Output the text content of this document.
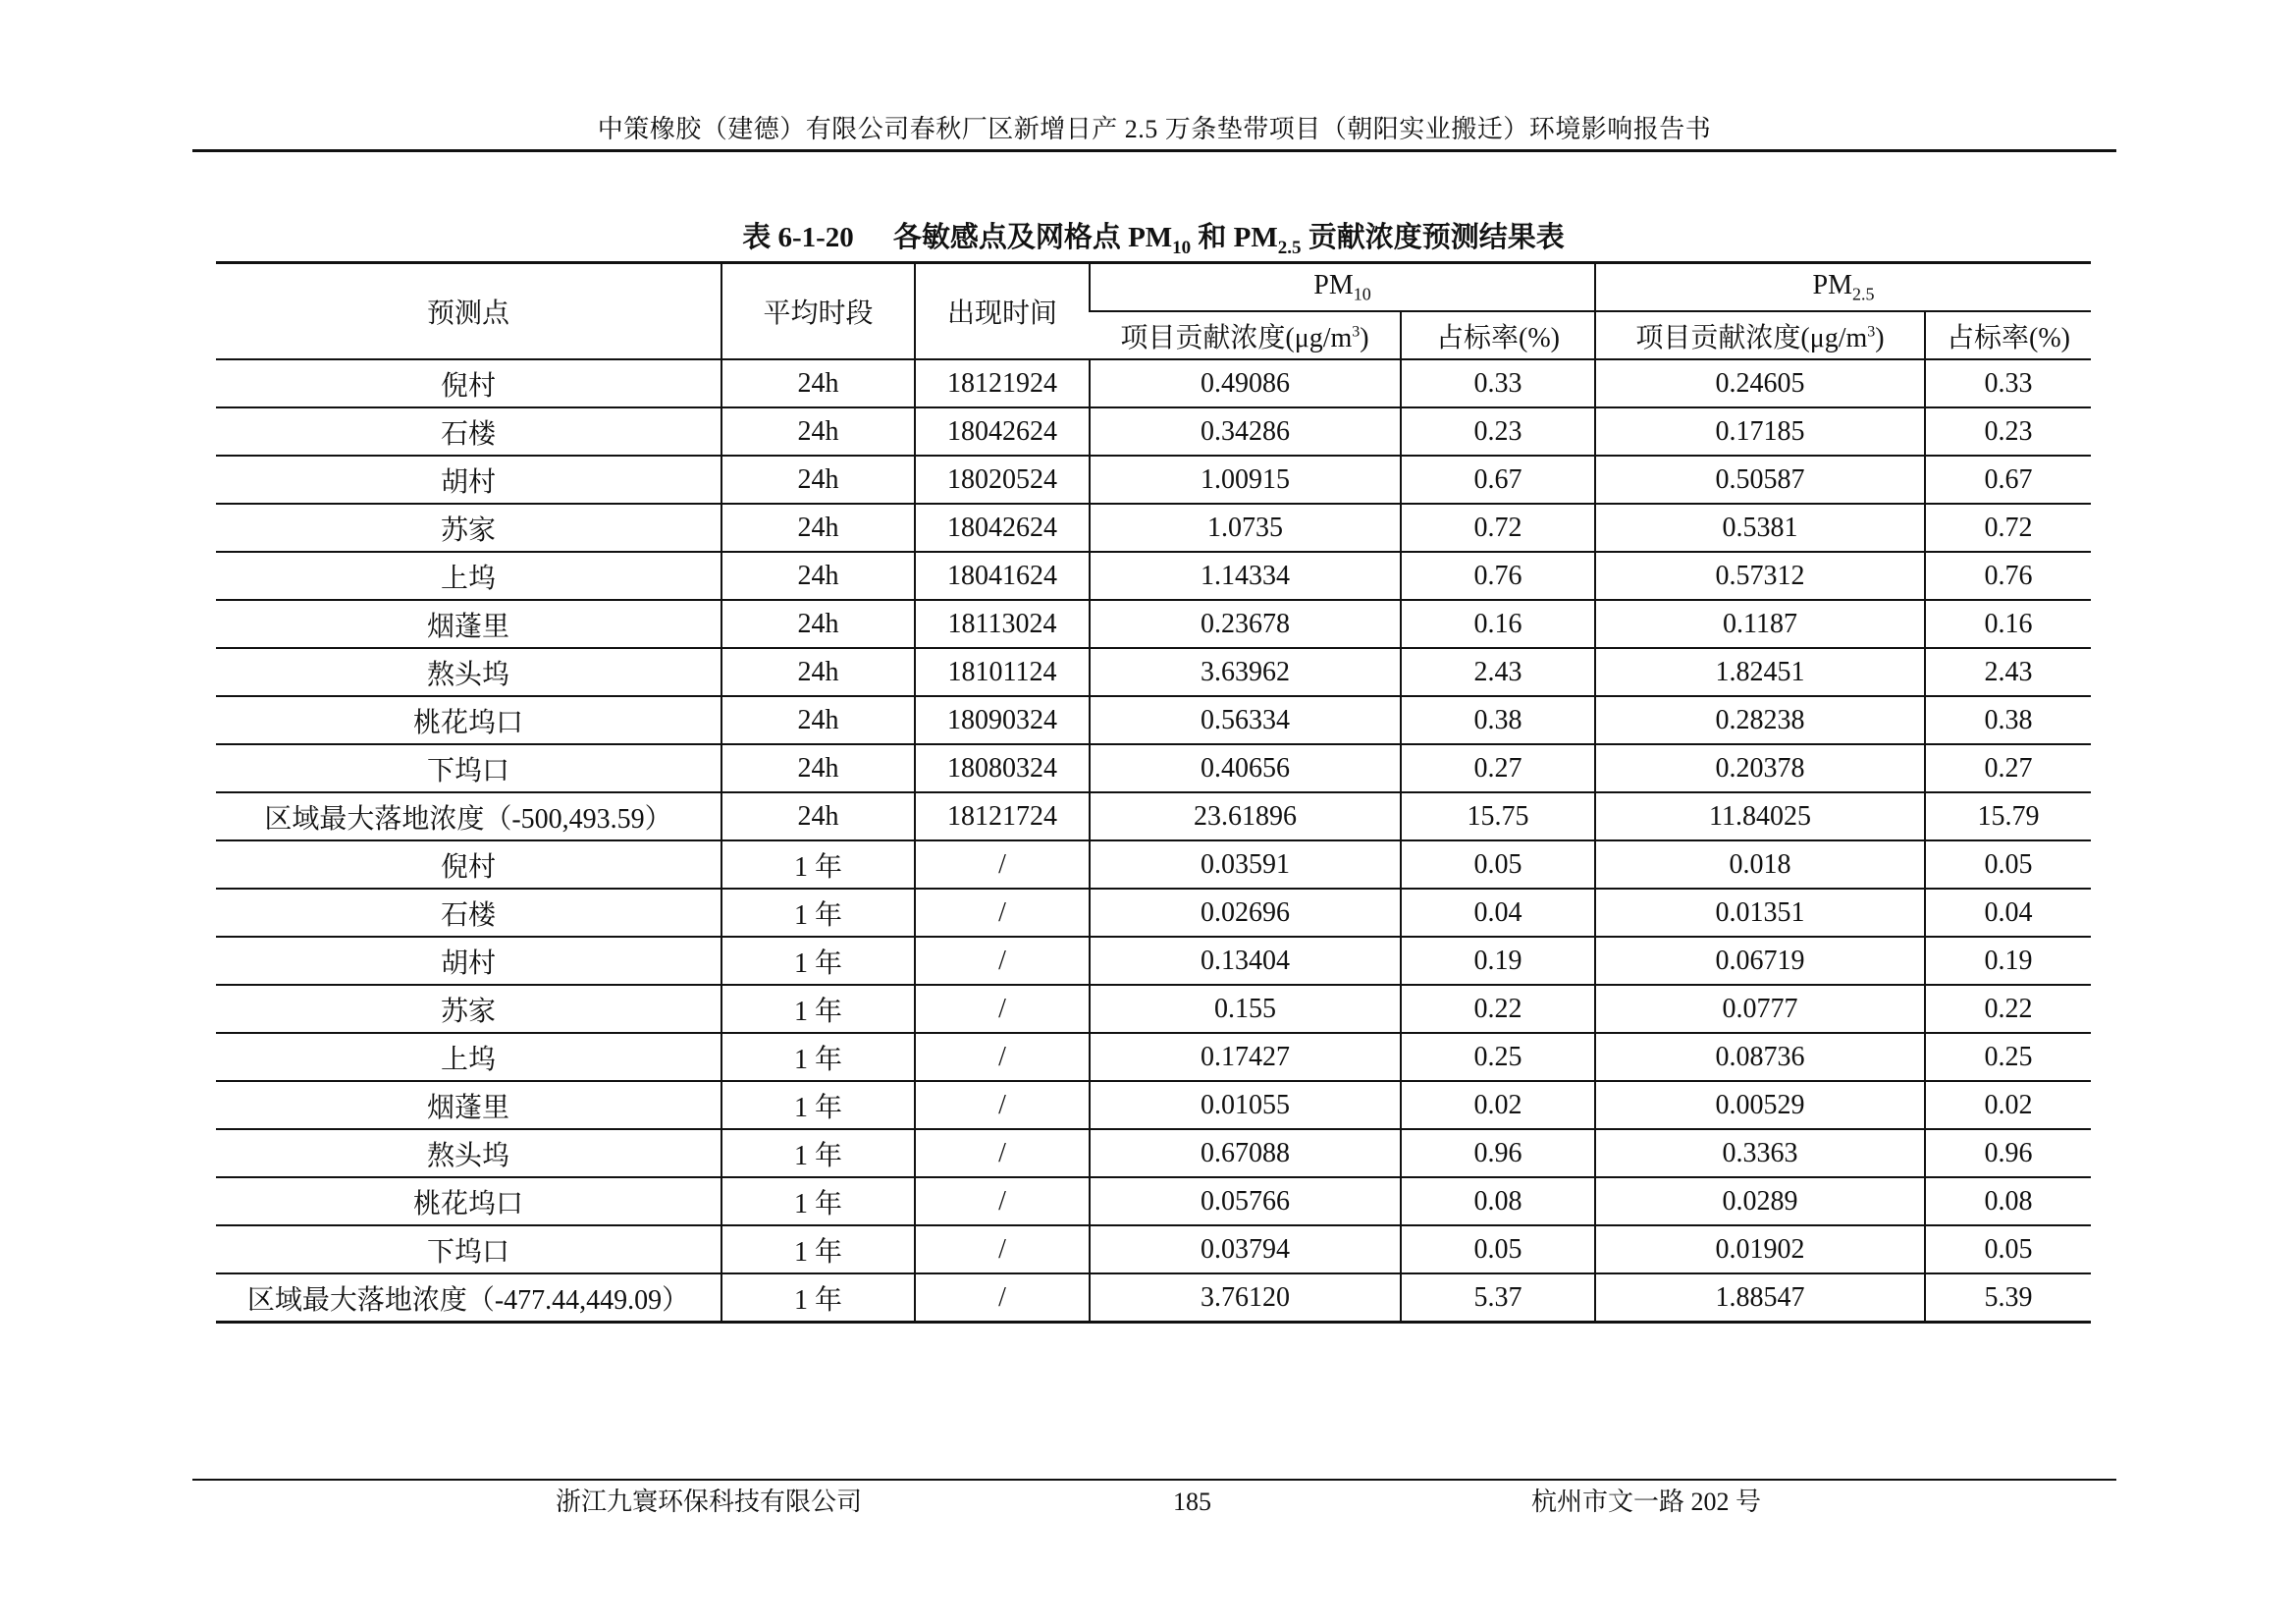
中策橡胶（建德）有限公司春秋厂区新增日产 2.5 万条垫带项目（朝阳实业搬迁）环境影响报告书
表 6-1-20 各敏感点及网格点 $PM_{10}$ 和 $PM_{2.5}$ 贡献浓度预测结果表
预测点	平均时段	出现时间	$PM_{10}$		$PM_{2.5}$
			项目贡献浓度$(\mu g/m^3)$	占标率(%)	项目贡献浓度$(\mu g/m^3)$	占标率(%)
倪村	24h	18121924	0.49086	0.33	0.24605	0.33
石楼	24h	18042624	0.34286	0.23	0.17185	0.23
胡村	24h	18020524	1.00915	0.67	0.50587	0.67
苏家	24h	18042624	1.0735	0.72	0.5381	0.72
上坞	24h	18041624	1.14334	0.76	0.57312	0.76
烟蓬里	24h	18113024	0.23678	0.16	0.1187	0.16
熬头坞	24h	18101124	3.63962	2.43	1.82451	2.43
桃花坞口	24h	18090324	0.56334	0.38	0.28238	0.38
下坞口	24h	18080324	0.40656	0.27	0.20378	0.27
区域最大落地浓度（-500,493.59）	24h	18121724	23.61896	15.75	11.84025	15.79
倪村	1 年	/	0.03591	0.05	0.018	0.05
石楼	1 年	/	0.02696	0.04	0.01351	0.04
胡村	1 年	/	0.13404	0.19	0.06719	0.19
苏家	1 年	/	0.155	0.22	0.0777	0.22
上坞	1 年	/	0.17427	0.25	0.08736	0.25
烟蓬里	1 年	/	0.01055	0.02	0.00529	0.02
熬头坞	1 年	/	0.67088	0.96	0.3363	0.96
桃花坞口	1 年	/	0.05766	0.08	0.0289	0.08
下坞口	1 年	/	0.03794	0.05	0.01902	0.05
区域最大落地浓度（-477.44,449.09）	1 年	/	3.76120	5.37	1.88547	5.39
浙江九寰环保科技有限公司	185	杭州市文一路 202 号
